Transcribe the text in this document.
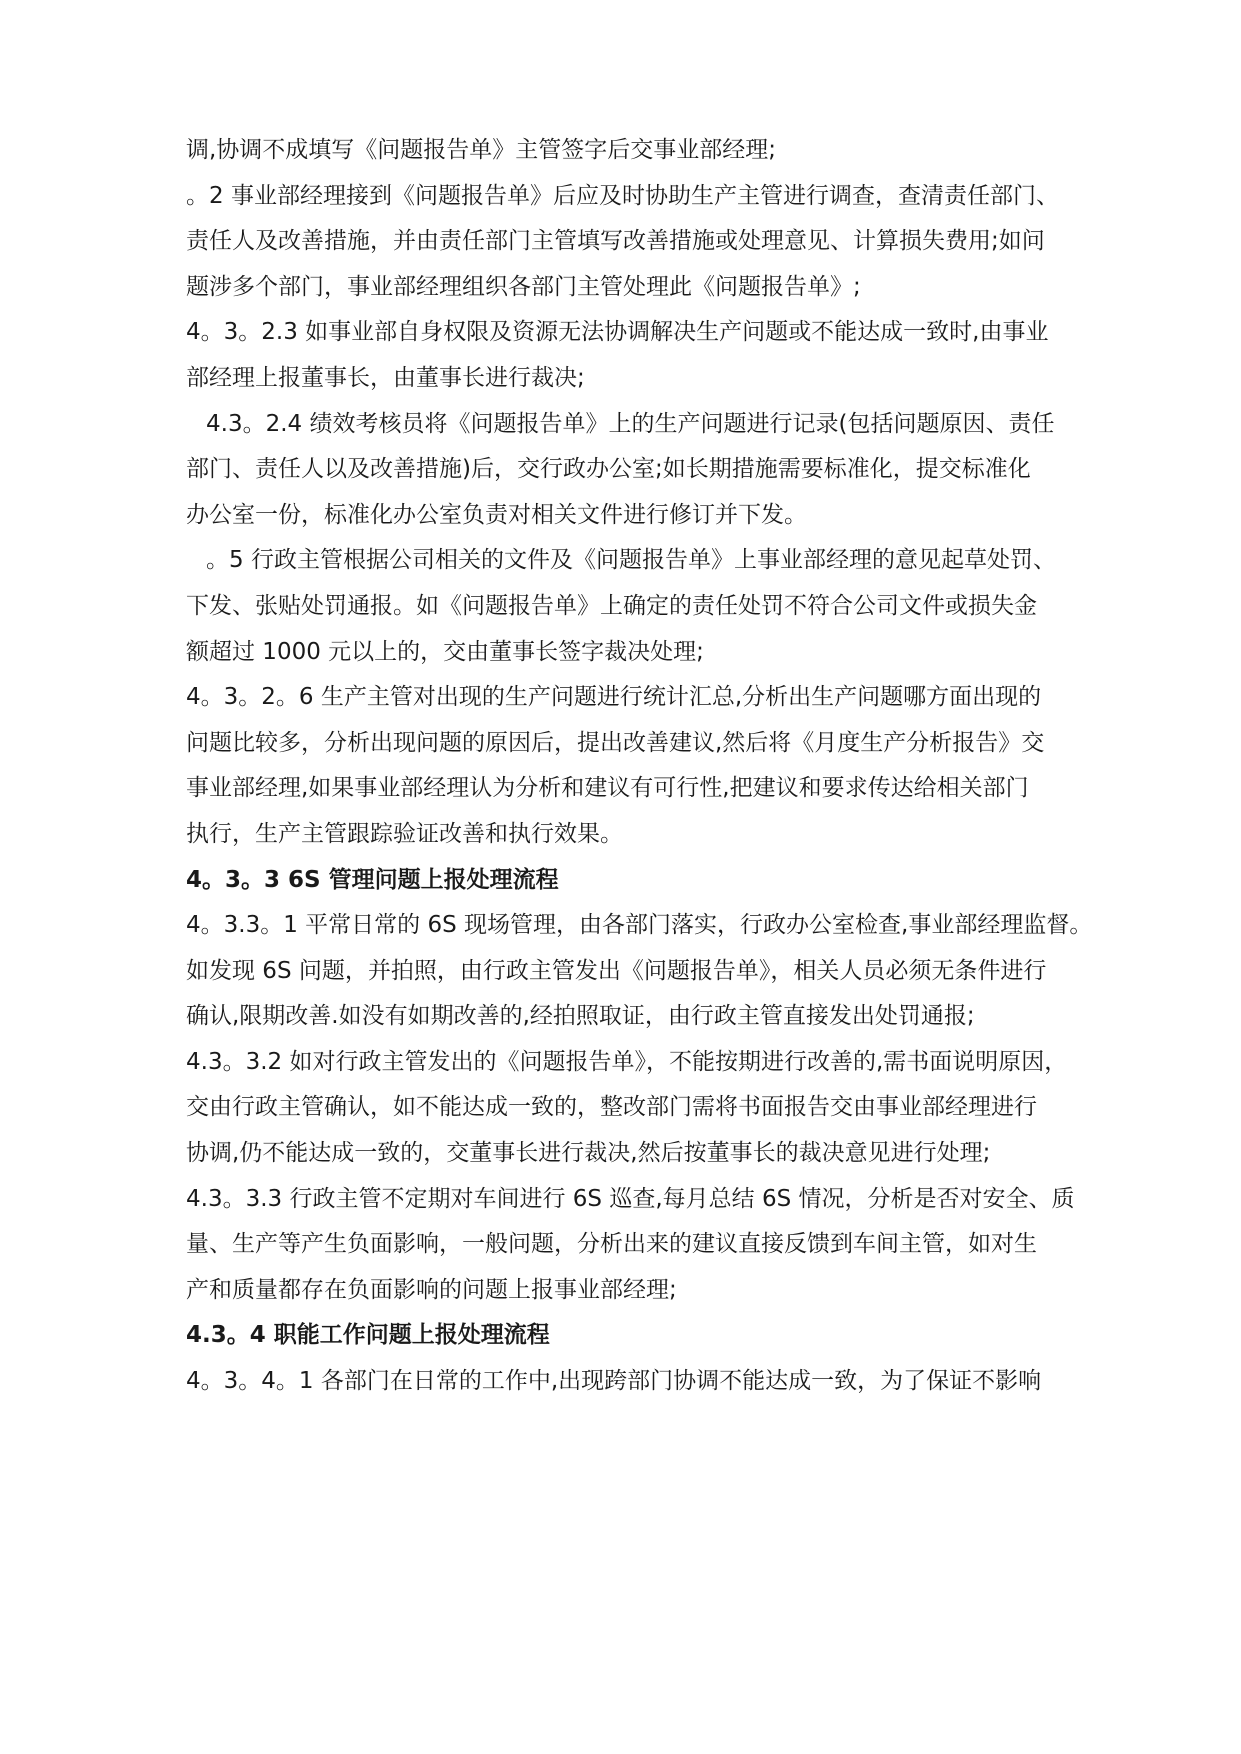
调,协调不成填写《问题报告单》主管签字后交事业部经理;
。2 事业部经理接到《问题报告单》后应及时协助生产主管进行调查，查清责任部门、
责任人及改善措施，并由责任部门主管填写改善措施或处理意见、计算损失费用;如问
题涉多个部门，事业部经理组织各部门主管处理此《问题报告单》;
4。3。2.3 如事业部自身权限及资源无法协调解决生产问题或不能达成一致时,由事业
部经理上报董事长，由董事长进行裁决;
4.3。2.4 绩效考核员将《问题报告单》上的生产问题进行记录(包括问题原因、责任
部门、责任人以及改善措施)后，交行政办公室;如长期措施需要标准化，提交标准化
办公室一份，标准化办公室负责对相关文件进行修订并下发。
。5 行政主管根据公司相关的文件及《问题报告单》上事业部经理的意见起草处罚、
下发、张贴处罚通报。如《问题报告单》上确定的责任处罚不符合公司文件或损失金
额超过 1000 元以上的，交由董事长签字裁决处理;
4。3。2。6 生产主管对出现的生产问题进行统计汇总,分析出生产问题哪方面出现的
问题比较多，分析出现问题的原因后，提出改善建议,然后将《月度生产分析报告》交
事业部经理,如果事业部经理认为分析和建议有可行性,把建议和要求传达给相关部门
执行，生产主管跟踪验证改善和执行效果。
4。3。3 6S 管理问题上报处理流程
4。3.3。1 平常日常的 6S 现场管理，由各部门落实，行政办公室检查,事业部经理监督。
如发现 6S 问题，并拍照，由行政主管发出《问题报告单》，相关人员必须无条件进行
确认,限期改善.如没有如期改善的,经拍照取证，由行政主管直接发出处罚通报;
4.3。3.2 如对行政主管发出的《问题报告单》，不能按期进行改善的,需书面说明原因，
交由行政主管确认，如不能达成一致的，整改部门需将书面报告交由事业部经理进行
协调,仍不能达成一致的，交董事长进行裁决,然后按董事长的裁决意见进行处理;
4.3。3.3 行政主管不定期对车间进行 6S 巡查,每月总结 6S 情况，分析是否对安全、质
量、生产等产生负面影响，一般问题，分析出来的建议直接反馈到车间主管，如对生
产和质量都存在负面影响的问题上报事业部经理;
4.3。4 职能工作问题上报处理流程
4。3。4。1 各部门在日常的工作中,出现跨部门协调不能达成一致，为了保证不影响
